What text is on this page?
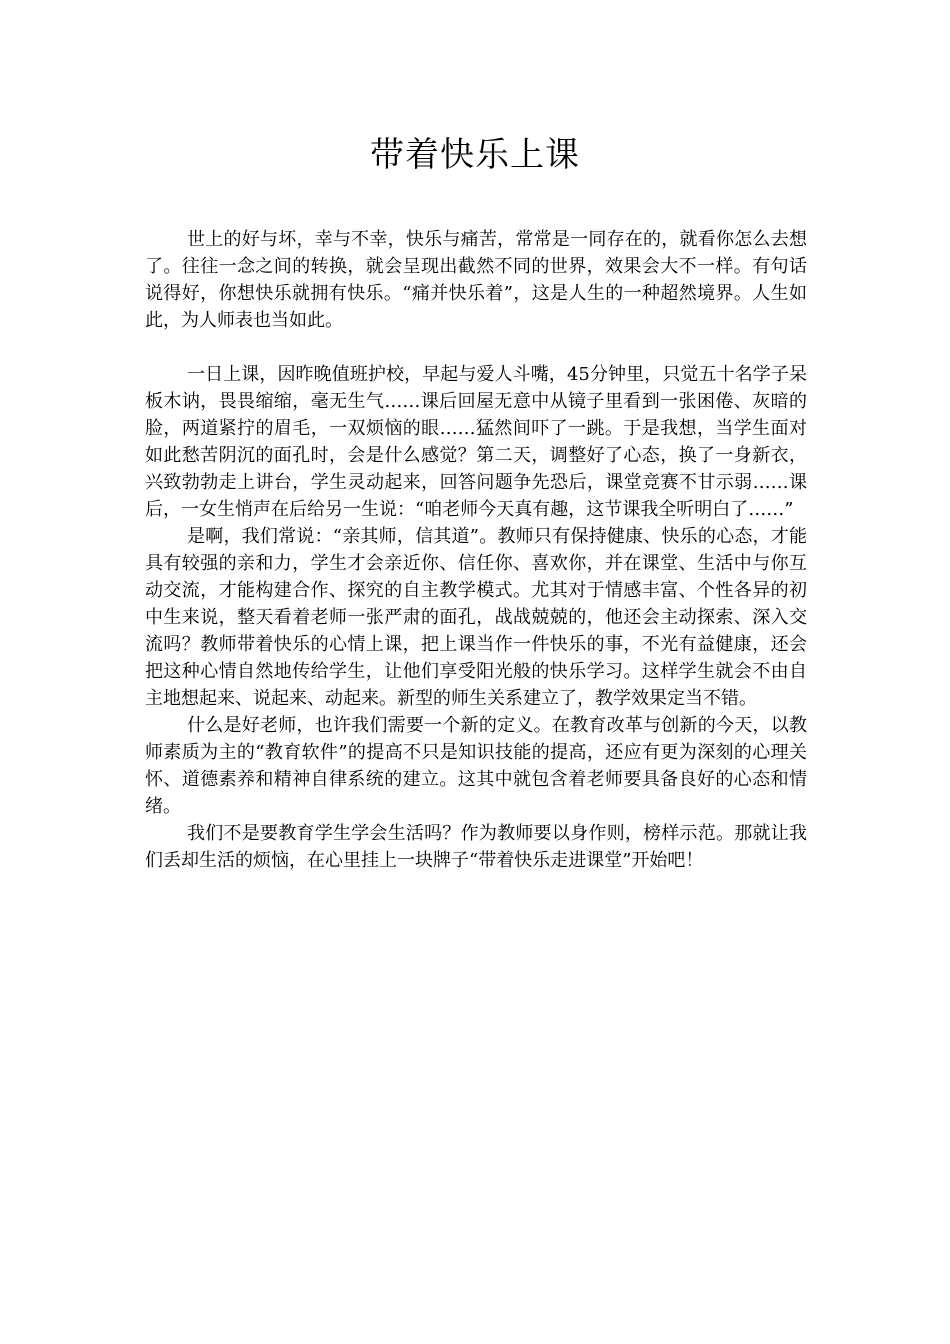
带着快乐上课

世上的好与坏，幸与不幸，快乐与痛苦，常常是一同存在的，就看你怎么去想了。往往一念之间的转换，就会呈现出截然不同的世界，效果会大不一样。有句话说得好，你想快乐就拥有快乐。“痛并快乐着”，这是人生的一种超然境界。人生如此，为人师表也当如此。

一日上课，因昨晚值班护校，早起与爱人斗嘴，45分钟里，只觉五十名学子呆板木讷，畏畏缩缩，毫无生气……课后回屋无意中从镜子里看到一张困倦、灰暗的脸，两道紧拧的眉毛，一双烦恼的眼……猛然间吓了一跳。于是我想，当学生面对如此愁苦阴沉的面孔时，会是什么感觉？第二天，调整好了心态，换了一身新衣，兴致勃勃走上讲台，学生灵动起来，回答问题争先恐后，课堂竞赛不甘示弱……课后，一女生悄声在后给另一生说：“咱老师今天真有趣，这节课我全听明白了……”

是啊，我们常说：“亲其师，信其道”。教师只有保持健康、快乐的心态，才能具有较强的亲和力，学生才会亲近你、信任你、喜欢你，并在课堂、生活中与你互动交流，才能构建合作、探究的自主教学模式。尤其对于情感丰富、个性各异的初中生来说，整天看着老师一张严肃的面孔，战战兢兢的，他还会主动探索、深入交流吗？教师带着快乐的心情上课，把上课当作一件快乐的事，不光有益健康，还会把这种心情自然地传给学生，让他们享受阳光般的快乐学习。这样学生就会不由自主地想起来、说起来、动起来。新型的师生关系建立了，教学效果定当不错。

什么是好老师，也许我们需要一个新的定义。在教育改革与创新的今天，以教师素质为主的“教育软件”的提高不只是知识技能的提高，还应有更为深刻的心理关怀、道德素养和精神自律系统的建立。这其中就包含着老师要具备良好的心态和情绪。

我们不是要教育学生学会生活吗？作为教师要以身作则，榜样示范。那就让我们丢却生活的烦恼，在心里挂上一块牌子“带着快乐走进课堂”开始吧！
